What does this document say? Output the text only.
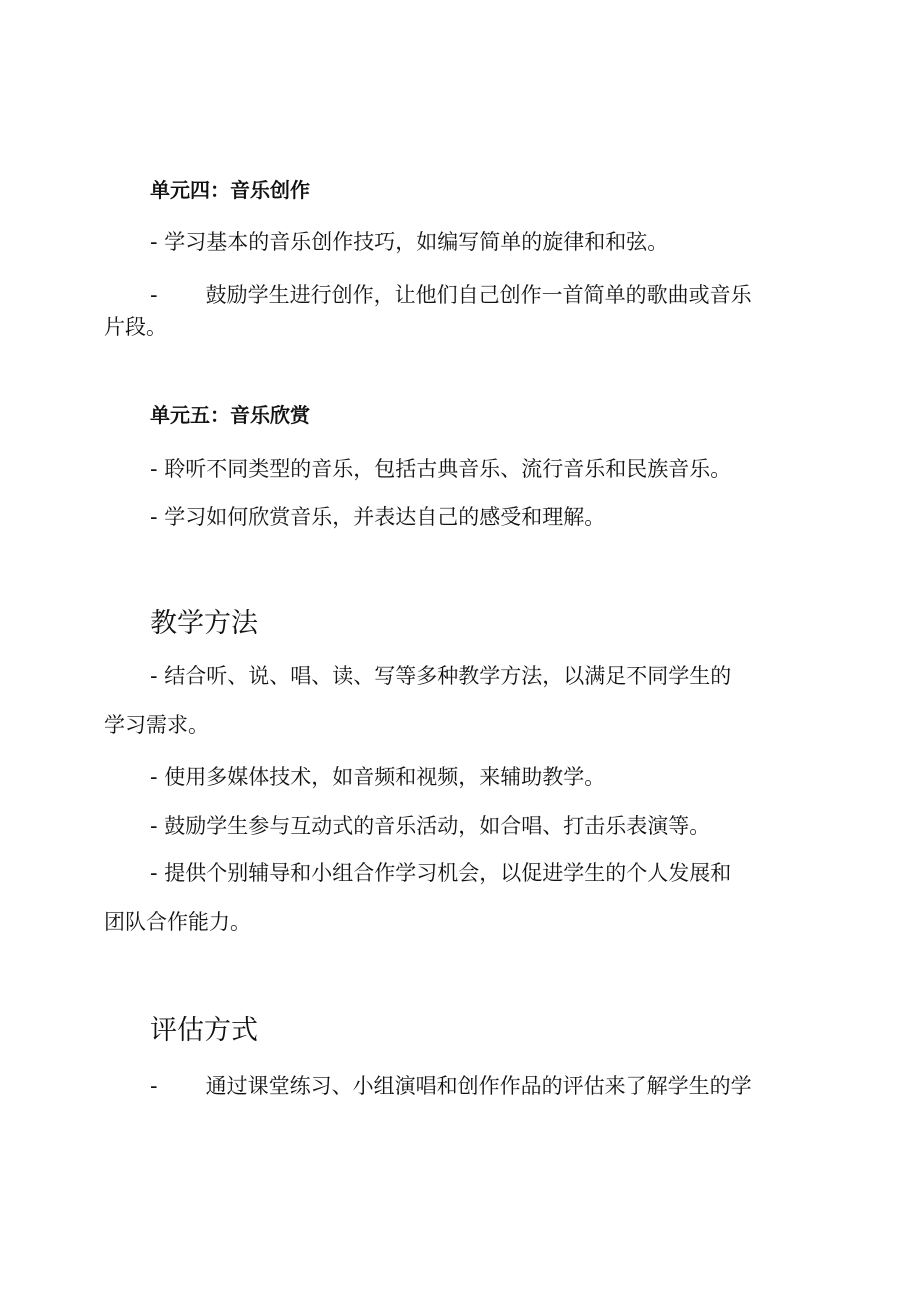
单元四：音乐创作
- 学习基本的音乐创作技巧，如编写简单的旋律和和弦。
- 鼓励学生进行创作，让他们自己创作一首简单的歌曲或音乐
片段。
单元五：音乐欣赏
- 聆听不同类型的音乐，包括古典音乐、流行音乐和民族音乐。
- 学习如何欣赏音乐，并表达自己的感受和理解。
教学方法
- 结合听、说、唱、读、写等多种教学方法，以满足不同学生的
学习需求。
- 使用多媒体技术，如音频和视频，来辅助教学。
- 鼓励学生参与互动式的音乐活动，如合唱、打击乐表演等。
- 提供个别辅导和小组合作学习机会，以促进学生的个人发展和
团队合作能力。
评估方式
- 通过课堂练习、小组演唱和创作作品的评估来了解学生的学
